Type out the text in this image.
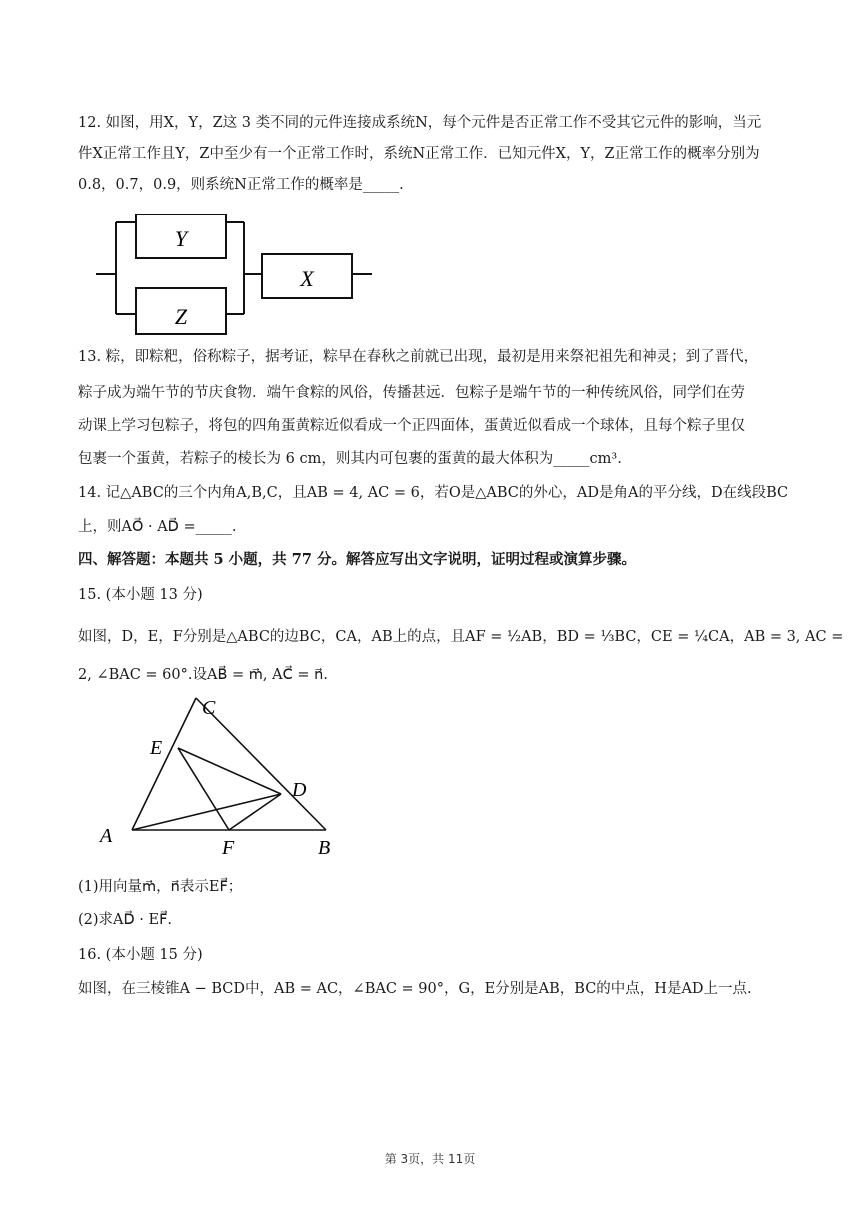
12. 如图，用X，Y，Z这 3 类不同的元件连接成系统N，每个元件是否正常工作不受其它元件的影响，当元
件X正常工作且Y，Z中至少有一个正常工作时，系统N正常工作．已知元件X，Y，Z正常工作的概率分别为
0.8，0.7，0.9，则系统N正常工作的概率是_____.
Y
Z
X
13. 粽，即粽粑，俗称粽子，据考证，粽早在春秋之前就已出现，最初是用来祭祀祖先和神灵；到了晋代，
粽子成为端午节的节庆食物．端午食粽的风俗，传播甚远．包粽子是端午节的一种传统风俗，同学们在劳
动课上学习包粽子，将包的四角蛋黄粽近似看成一个正四面体，蛋黄近似看成一个球体，且每个粽子里仅
包裹一个蛋黄，若粽子的棱长为 6 cm，则其内可包裹的蛋黄的最大体积为_____cm³.
14. 记△ABC的三个内角A,B,C，且AB = 4, AC = 6，若O是△ABC的外心，AD是角A的平分线，D在线段BC
上，则AO⃗ · AD⃗ =_____.
四、解答题：本题共 5 小题，共 77 分。解答应写出文字说明，证明过程或演算步骤。
15. (本小题 13 分)
如图，D，E，F分别是△ABC的边BC，CA，AB上的点，且AF = ½AB，BD = ⅓BC，CE = ¼CA，AB = 3, AC =
2, ∠BAC = 60°.设AB⃗ = m⃗, AC⃗ = n⃗.
C
E
D
A
F	B
(1)用向量m⃗，n⃗表示EF⃗；
(2)求AD⃗ · EF⃗.
16. (本小题 15 分)
如图，在三棱锥A − BCD中，AB = AC，∠BAC = 90°，G，E分别是AB，BC的中点，H是AD上一点.
第 3页，共 11页
